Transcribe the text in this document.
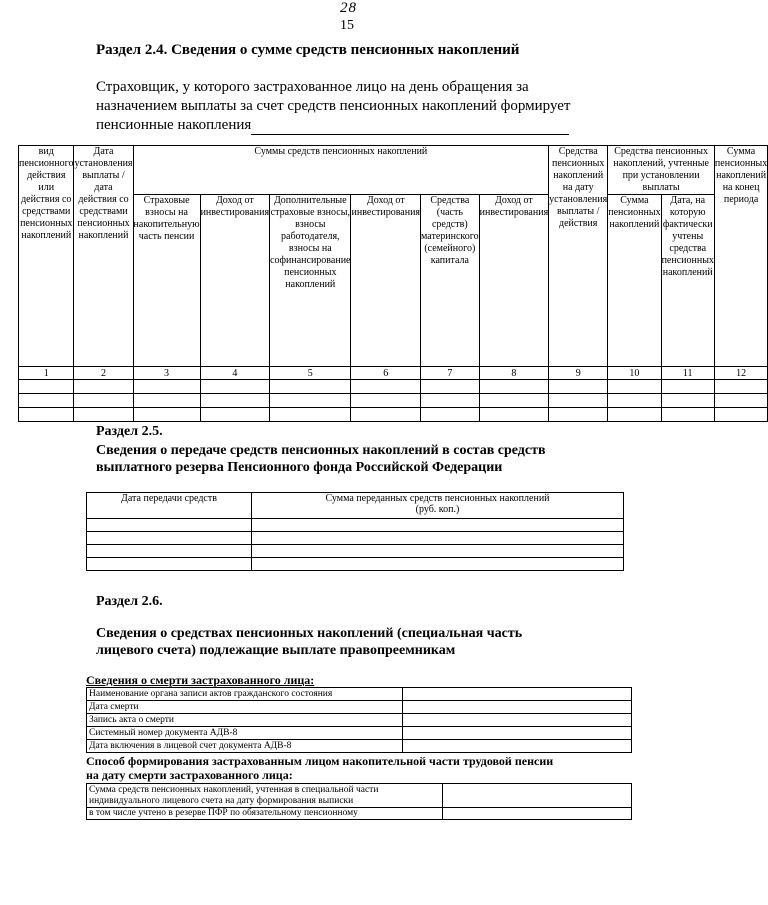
28
15
Раздел 2.4. Сведения о сумме средств пенсионных накоплений
Страховщик, у которого застрахованное лицо на день обращения за назначением выплаты за счет средств пенсионных накоплений формирует пенсионные накопления
вид пенсионного действия или действия со средствами пенсионных накоплений	Дата установления выплаты / дата действия со средствами пенсионных накоплений	Суммы средств пенсионных накоплений						Средства пенсионных накоплений на дату установления выплаты / действия	Средства пенсионных накоплений, учтенные при установлении выплаты		Сумма пенсионных накоплений на конец периода
		Страховые взносы на накопительную часть пенсии	Доход от инвестирования	Дополнительные страховые взносы, взносы работодателя, взносы на софинансирование пенсионных накоплений	Доход от инвестирования	Средства (часть средств) материнского (семейного) капитала	Доход от инвестирования		Сумма пенсионных накоплений	Дата, на которую фактически учтены средства пенсионных накоплений	
1	2	3	4	5	6	7	8	9	10	11	12

Раздел 2.5.
Сведения о передаче средств пенсионных накоплений в состав средств выплатного резерва Пенсионного фонда Российской Федерации
Дата передачи средств	Сумма переданных средств пенсионных накоплений
(руб. коп.)

Раздел 2.6.
Сведения о средствах пенсионных накоплений (специальная часть лицевого счета) подлежащие выплате правопреемникам
Сведения о смерти застрахованного лица:
Наименование органа записи актов гражданского состояния	
Дата смерти	
Запись акта о смерти	
Системный номер документа АДВ-8	
Дата включения в лицевой счет документа АДВ-8	
Способ формирования застрахованным лицом накопительной части трудовой пенсии на дату смерти застрахованного лица:
Сумма средств пенсионных накоплений, учтенная в специальной части индивидуального лицевого счета на дату формирования выписки	
в том числе учтено в резерве ПФР по обязательному пенсионному	
